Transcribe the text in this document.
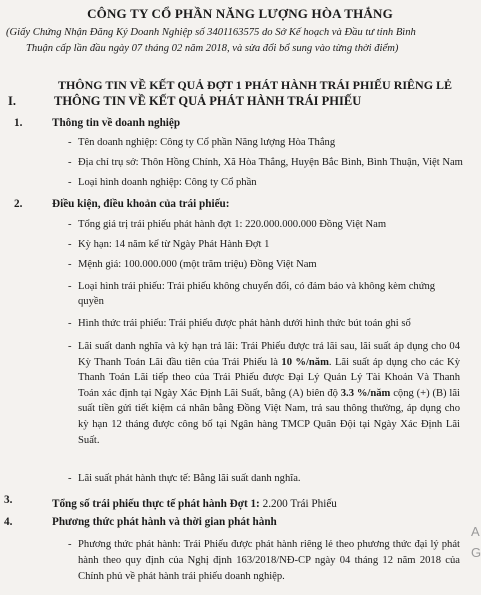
CÔNG TY CỔ PHẦN NĂNG LƯỢNG HÒA THẮNG
(Giấy Chứng Nhận Đăng Ký Doanh Nghiệp số 3401163575 do Sở Kế hoạch và Đầu tư tỉnh Bình
Thuận cấp lần đầu ngày 07 tháng 02 năm 2018, và sửa đổi bổ sung vào từng thời điểm)
THÔNG TIN VỀ KẾT QUẢ ĐỢT 1 PHÁT HÀNH TRÁI PHIẾU RIÊNG LẺ
I.	THÔNG TIN VỀ KẾT QUẢ PHÁT HÀNH TRÁI PHIẾU
1.	Thông tin về doanh nghiệp
- Tên doanh nghiệp: Công ty Cổ phần Năng lượng Hòa Thắng
- Địa chỉ trụ sở: Thôn Hồng Chính, Xã Hòa Thắng, Huyện Bắc Bình, Bình Thuận, Việt Nam
- Loại hình doanh nghiệp: Công ty Cổ phần
2.	Điều kiện, điều khoản của trái phiếu:
- Tổng giá trị trái phiếu phát hành đợt 1: 220.000.000.000 Đồng Việt Nam
- Kỳ hạn: 14 năm kể từ Ngày Phát Hành Đợt 1
- Mệnh giá: 100.000.000 (một trăm triệu) Đồng Việt Nam
- Loại hình trái phiếu: Trái phiếu không chuyển đổi, có đảm bảo và không kèm chứng quyền
- Hình thức trái phiếu: Trái phiếu được phát hành dưới hình thức bút toán ghi sổ
- Lãi suất danh nghĩa và kỳ hạn trả lãi: Trái Phiếu được trả lãi sau, lãi suất áp dụng cho 04 Kỳ Thanh Toán Lãi đầu tiên của Trái Phiếu là 10 %/năm. Lãi suất áp dụng cho các Kỳ Thanh Toán Lãi tiếp theo của Trái Phiếu được Đại Lý Quản Lý Tài Khoản Và Thanh Toán xác định tại Ngày Xác Định Lãi Suất, bằng (A) biên độ 3.3 %/năm cộng (+) (B) lãi suất tiền gửi tiết kiệm cá nhân bằng Đồng Việt Nam, trả sau thông thường, áp dụng cho kỳ hạn 12 tháng được công bố tại Ngân hàng TMCP Quân Đội tại Ngày Xác Định Lãi Suất.
- Lãi suất phát hành thực tế: Bằng lãi suất danh nghĩa.
3.	Tổng số trái phiếu thực tế phát hành Đợt 1: 2.200 Trái Phiếu
4.	Phương thức phát hành và thời gian phát hành
- Phương thức phát hành: Trái Phiếu được phát hành riêng lẻ theo phương thức đại lý phát hành theo quy định của Nghị định 163/2018/NĐ-CP ngày 04 tháng 12 năm 2018 của Chính phủ về phát hành trái phiếu doanh nghiệp.
A
G
